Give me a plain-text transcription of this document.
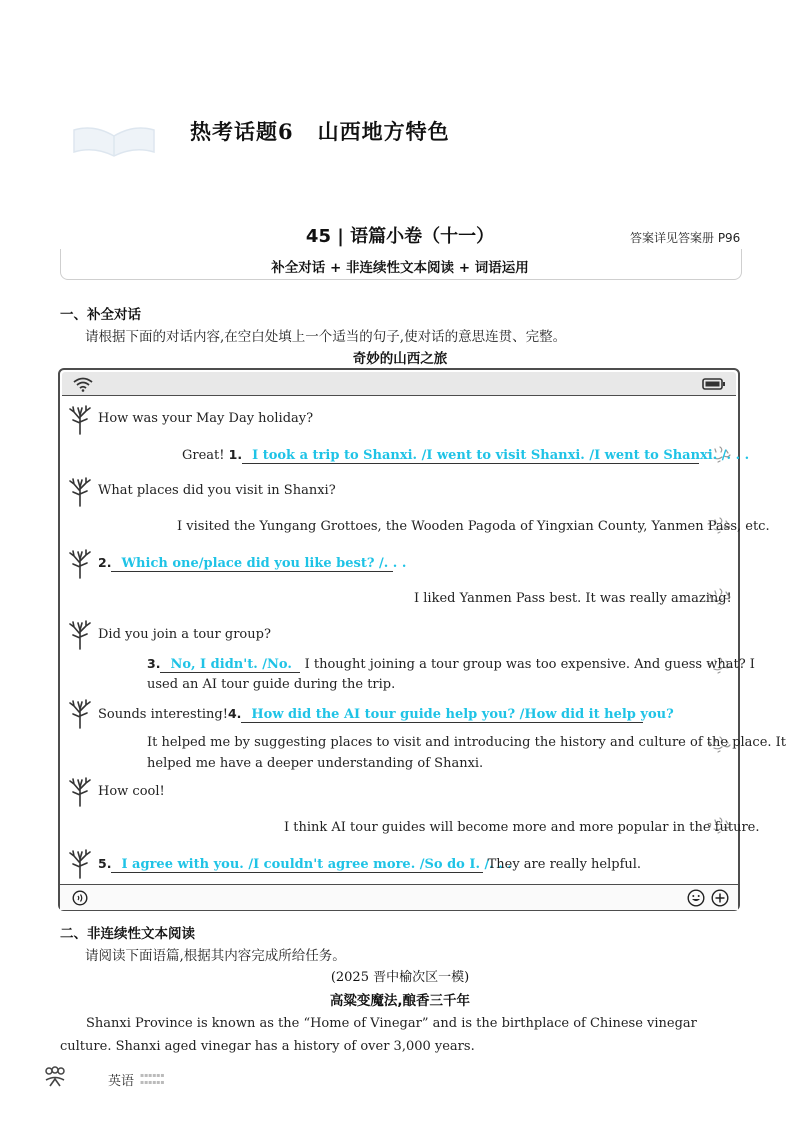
热考话题6 山西地方特色
45 | 语篇小卷（十一）	答案详见答案册 P96
补全对话 + 非连续性文本阅读 + 词语运用
一、补全对话
请根据下面的对话内容,在空白处填上一个适当的句子,使对话的意思连贯、完整。
奇妙的山西之旅
How was your May Day holiday?
Great! 1. I took a trip to Shanxi. /I went to visit Shanxi. /I went to Shanxi. /. . .
What places did you visit in Shanxi?
I visited the Yungang Grottoes, the Wooden Pagoda of Yingxian County, Yanmen Pass, etc.
2. Which one/place did you like best? /. . .
I liked Yanmen Pass best. It was really amazing!
Did you join a tour group?
3. No, I didn't. /No. I thought joining a tour group was too expensive. And guess what? I
used an AI tour guide during the trip.
Sounds interesting!4. How did the AI tour guide help you? /How did it help you?
It helped me by suggesting places to visit and introducing the history and culture of the place. It
helped me have a deeper understanding of Shanxi.
How cool!
I think AI tour guides will become more and more popular in the future.
5. I agree with you. /I couldn't agree more. /So do I. /. . . They are really helpful.
二、非连续性文本阅读
请阅读下面语篇,根据其内容完成所给任务。
(2025 晋中榆次区一模)
高粱变魔法,酿香三千年
Shanxi Province is known as the “Home of Vinegar” and is the birthplace of Chinese vinegar culture. Shanxi aged vinegar has a history of over 3,000 years.
英语 ▪▪▪▪▪▪
▪▪▪▪▪▪
